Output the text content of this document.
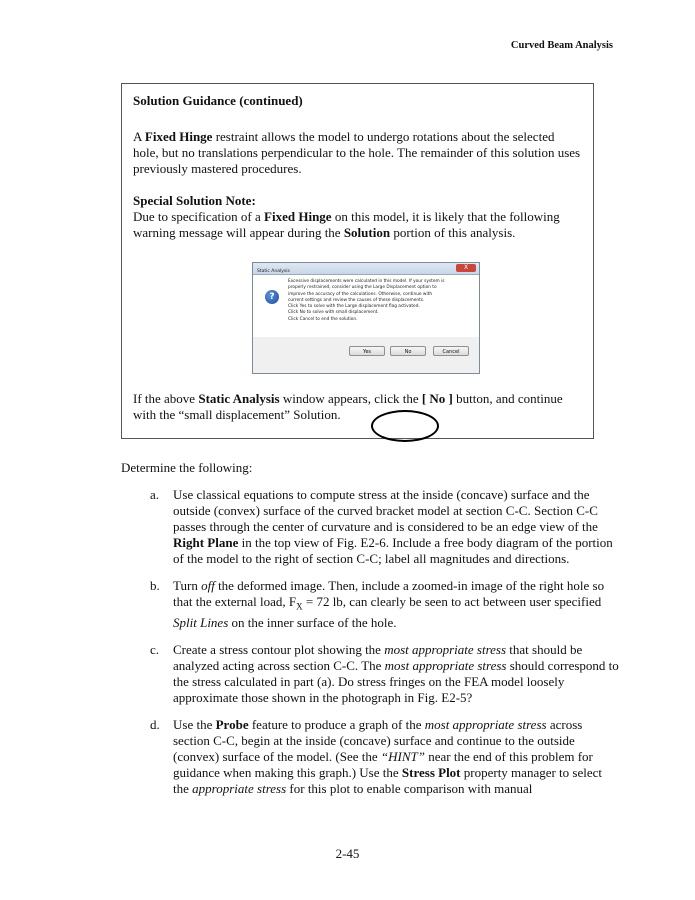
Curved Beam Analysis

Solution Guidance (continued)

A Fixed Hinge restraint allows the model to undergo rotations about the selected hole, but no translations perpendicular to the hole. The remainder of this solution uses previously mastered procedures.

Special Solution Note:

Due to specification of a Fixed Hinge on this model, it is likely that the following warning message will appear during the Solution portion of this analysis.

Static Analysis
X
?
Excessive displacements were calculated in this model. If your system is
properly restrained, consider using the Large Displacement option to
improve the accuracy of the calculations. Otherwise, continue with
current settings and review the causes of these displacements.
Click Yes to solve with the Large displacement flag activated.
Click No to solve with small displacement.
Click Cancel to end the solution.
Yes	No	Cancel

If the above Static Analysis window appears, click the [ No ] button, and continue with the “small displacement” Solution.

Determine the following:
a. Use classical equations to compute stress at the inside (concave) surface and the outside (convex) surface of the curved bracket model at section C-C. Section C-C passes through the center of curvature and is considered to be an edge view of the Right Plane in the top view of Fig. E2-6. Include a free body diagram of the portion of the model to the right of section C-C; label all magnitudes and directions.

b. Turn off the deformed image. Then, include a zoomed-in image of the right hole so that the external load, $F_X = 72$ lb, can clearly be seen to act between user specified Split Lines on the inner surface of the hole.

c. Create a stress contour plot showing the most appropriate stress that should be analyzed acting across section C-C. The most appropriate stress should correspond to the stress calculated in part (a). Do stress fringes on the FEA model loosely approximate those shown in the photograph in Fig. E2-5?

d. Use the Probe feature to produce a graph of the most appropriate stress across section C-C, begin at the inside (concave) surface and continue to the outside (convex) surface of the model. (See the “HINT” near the end of this problem for guidance when making this graph.) Use the Stress Plot property manager to select the appropriate stress for this plot to enable comparison with manual

2-45
